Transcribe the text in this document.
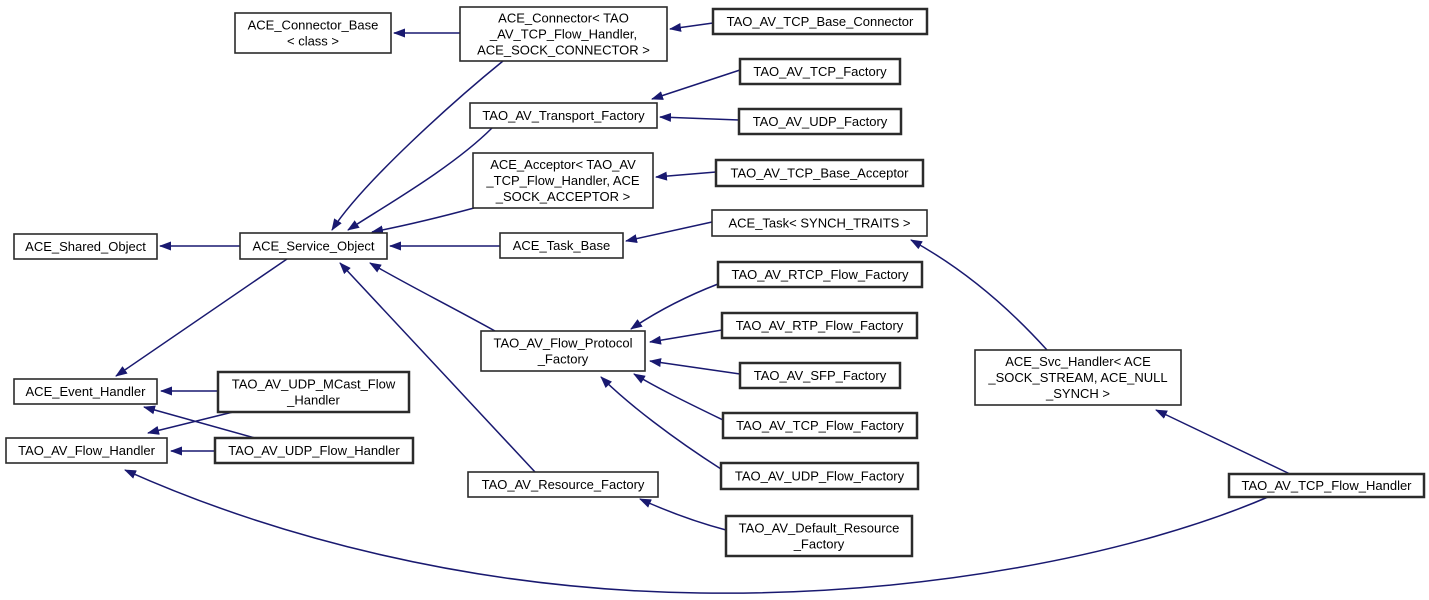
ACE_Connector_Base < class >
ACE_Connector< TAO _AV_TCP_Flow_Handler, ACE_SOCK_CONNECTOR >
TAO_AV_TCP_Base_Connector
TAO_AV_TCP_Factory
TAO_AV_Transport_Factory	TAO_AV_UDP_Factory
ACE_Acceptor< TAO_AV _TCP_Flow_Handler, ACE _SOCK_ACCEPTOR >
TAO_AV_TCP_Base_Acceptor
ACE_Task< SYNCH_TRAITS >
ACE_Shared_Object	ACE_Service_Object	ACE_Task_Base
TAO_AV_RTCP_Flow_Factory
TAO_AV_RTP_Flow_Factory
TAO_AV_Flow_Protocol _Factory
TAO_AV_SFP_Factory
ACE_Svc_Handler< ACE _SOCK_STREAM, ACE_NULL _SYNCH >
ACE_Event_Handler	TAO_AV_UDP_MCast_Flow _Handler
TAO_AV_TCP_Flow_Factory
TAO_AV_Flow_Handler	TAO_AV_UDP_Flow_Handler
TAO_AV_UDP_Flow_Factory
TAO_AV_Resource_Factory	TAO_AV_TCP_Flow_Handler
TAO_AV_Default_Resource _Factory
